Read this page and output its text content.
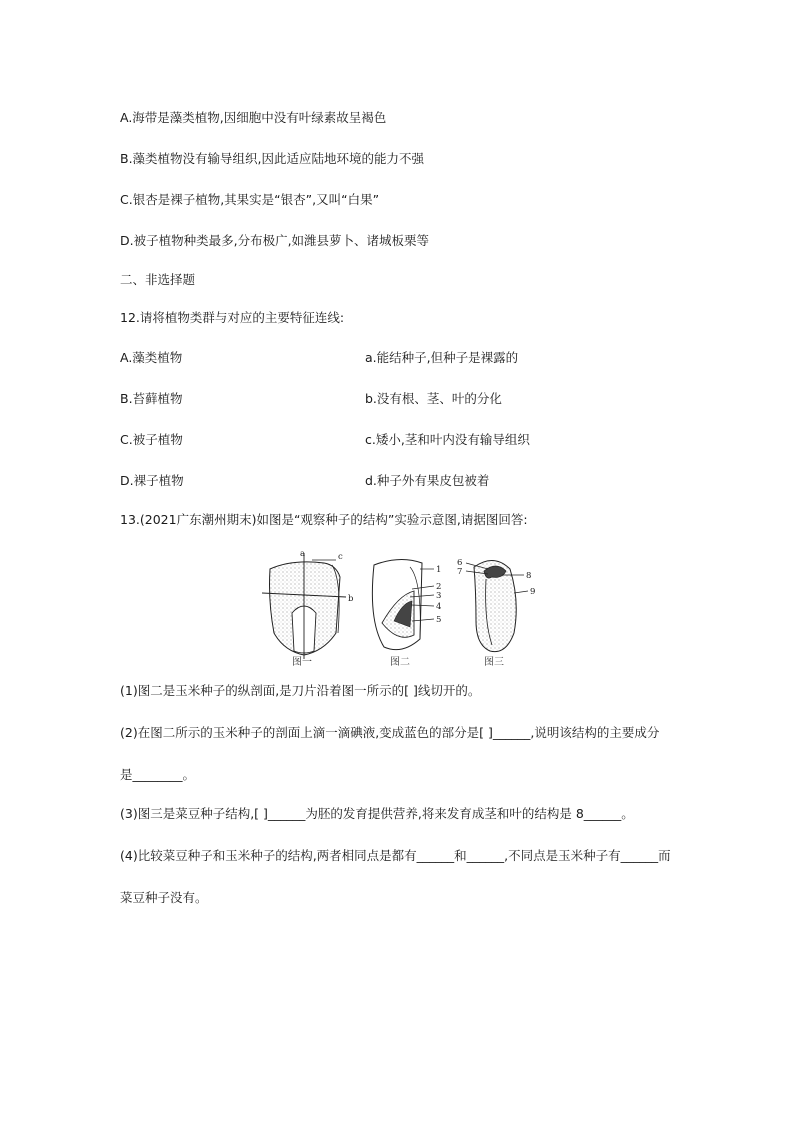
A.海带是藻类植物,因细胞中没有叶绿素故呈褐色
B.藻类植物没有输导组织,因此适应陆地环境的能力不强
C.银杏是裸子植物,其果实是“银杏”,又叫“白果”
D.被子植物种类最多,分布极广,如潍县萝卜、诸城板栗等
二、非选择题
12.请将植物类群与对应的主要特征连线:
A.藻类植物	a.能结种子,但种子是裸露的
B.苔藓植物	b.没有根、茎、叶的分化
C.被子植物	c.矮小,茎和叶内没有输导组织
D.裸子植物	d.种子外有果皮包被着
13.(2021广东潮州期末)如图是“观察种子的结构”实验示意图,请据图回答:
a	c
b
1
2
3
4
5
6
7	8
9
图一	图二	图三
(1)图二是玉米种子的纵剖面,是刀片沿着图一所示的[ ]线切开的。
(2)在图二所示的玉米种子的剖面上滴一滴碘液,变成蓝色的部分是[ ]______,说明该结构的主要成分
是________。
(3)图三是菜豆种子结构,[ ]______为胚的发育提供营养,将来发育成茎和叶的结构是 8______。
(4)比较菜豆种子和玉米种子的结构,两者相同点是都有______和______,不同点是玉米种子有______而
菜豆种子没有。
